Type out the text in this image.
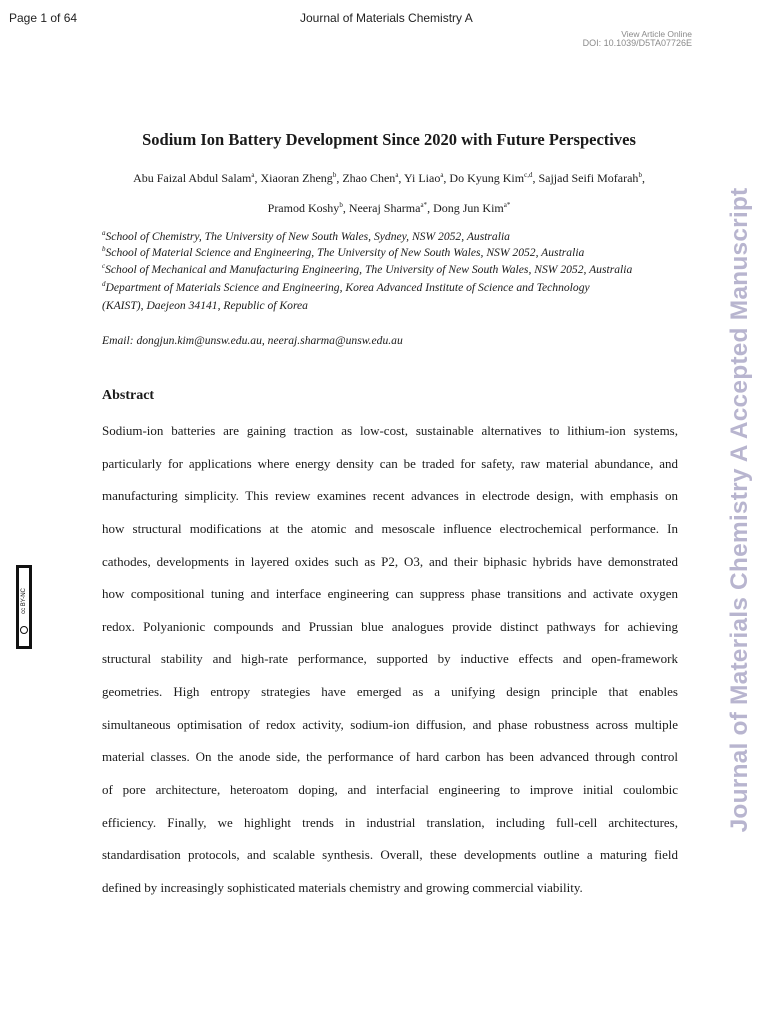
Page 1 of 64	Journal of Materials Chemistry A
View Article Online
DOI: 10.1039/D5TA07726E
Sodium Ion Battery Development Since 2020 with Future Perspectives
Abu Faizal Abdul Salam$^a$, Xiaoran Zheng$^b$, Zhao Chen$^a$, Yi Liao$^a$, Do Kyung Kim$^{c,d}$, Sajjad Seifi Mofarah$^b$,
Pramod Koshy$^b$, Neeraj Sharma$^{a*}$, Dong Jun Kim$^{a*}$
$^a$School of Chemistry, The University of New South Wales, Sydney, NSW 2052, Australia
$^b$School of Material Science and Engineering, The University of New South Wales, NSW 2052, Australia
$^c$School of Mechanical and Manufacturing Engineering, The University of New South Wales, NSW 2052, Australia
$^d$Department of Materials Science and Engineering, Korea Advanced Institute of Science and Technology
(KAIST), Daejeon 34141, Republic of Korea
Email: dongjun.kim@unsw.edu.au, neeraj.sharma@unsw.edu.au
Abstract
Sodium-ion batteries are gaining traction as low-cost, sustainable alternatives to lithium-ion systems,
particularly for applications where energy density can be traded for safety, raw material abundance, and
manufacturing simplicity. This review examines recent advances in electrode design, with emphasis on
how structural modifications at the atomic and mesoscale influence electrochemical performance. In
cathodes, developments in layered oxides such as P2, O3, and their biphasic hybrids have demonstrated
how compositional tuning and interface engineering can suppress phase transitions and activate oxygen
redox. Polyanionic compounds and Prussian blue analogues provide distinct pathways for achieving
structural stability and high-rate performance, supported by inductive effects and open-framework
geometries. High entropy strategies have emerged as a unifying design principle that enables
simultaneous optimisation of redox activity, sodium-ion diffusion, and phase robustness across multiple
material classes. On the anode side, the performance of hard carbon has been advanced through control
of pore architecture, heteroatom doping, and interfacial engineering to improve initial coulombic
efficiency. Finally, we highlight trends in industrial translation, including full-cell architectures,
standardisation protocols, and scalable synthesis. Overall, these developments outline a maturing field
defined by increasingly sophisticated materials chemistry and growing commercial viability.
cc BY-NC	Journal of Materials Chemistry A Accepted Manuscript
